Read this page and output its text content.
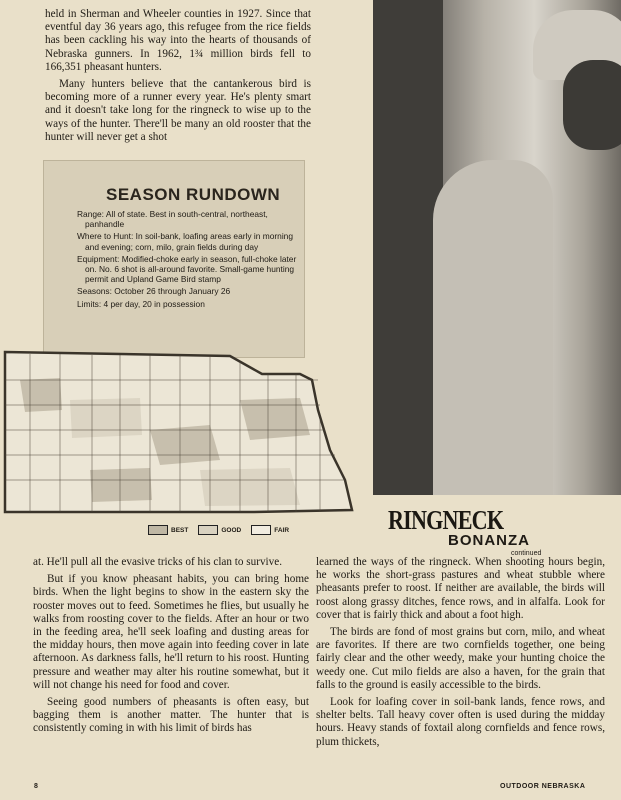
held in Sherman and Wheeler counties in 1927. Since that eventful day 36 years ago, this refugee from the rice fields has been cackling his way into the hearts of thousands of Nebraska gunners. In 1962, 1¾ million birds fell to 166,351 pheasant hunters.

Many hunters believe that the cantankerous bird is becoming more of a runner every year. He's plenty smart and it doesn't take long for the ringneck to wise up to the ways of the hunter. There'll be many an old rooster that the hunter will never get a shot

SEASON RUNDOWN
Range: All of state. Best in south-central, northeast, panhandle
Where to Hunt: In soil-bank, loafing areas early in morning and evening; corn, milo, grain fields during day
Equipment: Modified-choke early in season, full-choke later on. No. 6 shot is all-around favorite. Small-game hunting permit and Upland Game Bird stamp
Seasons: October 26 through January 26
Limits: 4 per day, 20 in possession
BEST	GOOD	FAIR	RINGNECK
BONANZA
continued

at. He'll pull all the evasive tricks of his clan to survive.

But if you know pheasant habits, you can bring home birds. When the light begins to show in the eastern sky the rooster moves out to feed. Sometimes he flies, but usually he walks from roosting cover to the fields. After an hour or two in the feeding area, he'll seek loafing and dusting areas for the midday hours, then move again into feeding cover in late afternoon. As darkness falls, he'll return to his roost. Hunting pressure and weather may alter his routine somewhat, but it will not change his need for food and cover.

Seeing good numbers of pheasants is often easy, but bagging them is another matter. The hunter that is consistently coming in with his limit of birds has

learned the ways of the ringneck. When shooting hours begin, he works the short-grass pastures and wheat stubble where pheasants prefer to roost. If neither are available, the birds will roost along grassy ditches, fence rows, and in alfalfa. Look for cover that is fairly thick and about a foot high.

The birds are fond of most grains but corn, milo, and wheat are favorites. If there are two cornfields together, one being fairly clear and the other weedy, make your hunting choice the weedy one. Cut milo fields are also a haven, for the grain that falls to the ground is easily accessible to the birds.

Look for loafing cover in soil-bank lands, fence rows, and shelter belts. Tall heavy cover often is used during the midday hours. Heavy stands of foxtail along cornfields and fence rows, plum thickets,

8	OUTDOOR NEBRASKA
